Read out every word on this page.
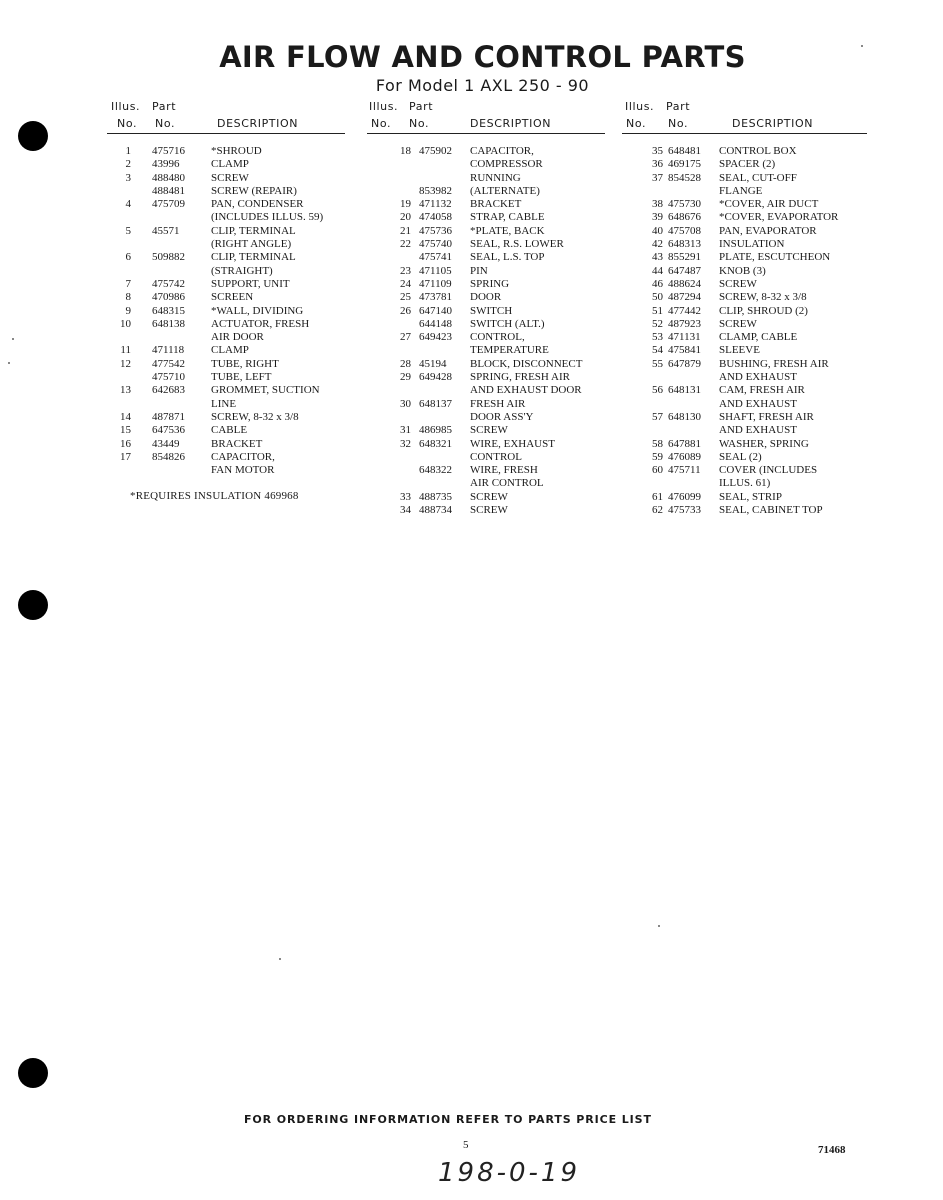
AIR FLOW AND CONTROL PARTS
For Model 1 AXL 250 - 90
Illus. Part
No. No.	DESCRIPTION
1 475716 *SHROUD
2 43996	CLAMP
3 488480 SCREW
488481 SCREW (REPAIR)
4 475709 PAN, CONDENSER
(INCLUDES ILLUS. 59)
5 45571	CLIP, TERMINAL
(RIGHT ANGLE)
6 509882 CLIP, TERMINAL
(STRAIGHT)
7 475742 SUPPORT, UNIT
8 470986 SCREEN
9 648315 *WALL, DIVIDING
10 648138 ACTUATOR, FRESH
AIR DOOR
11 471118 CLAMP
12 477542 TUBE, RIGHT
475710 TUBE, LEFT
13 642683 GROMMET, SUCTION
LINE
14 487871 SCREW, 8-32 x 3/8
15 647536 CABLE
16 43449	BRACKET
17 854826 CAPACITOR,
FAN MOTOR
Illus. Part
No. No.	DESCRIPTION
18 475902 CAPACITOR,
COMPRESSOR
RUNNING
853982 (ALTERNATE)
19 471132 BRACKET
20 474058 STRAP, CABLE
21 475736 *PLATE, BACK
22 475740 SEAL, R.S. LOWER
475741 SEAL, L.S. TOP
23 471105 PIN
24 471109 SPRING
25 473781 DOOR
26 647140 SWITCH
644148 SWITCH (ALT.)
27 649423 CONTROL,
TEMPERATURE
28 45194 BLOCK, DISCONNECT
29 649428 SPRING, FRESH AIR
AND EXHAUST DOOR
30 648137 FRESH AIR
DOOR ASS'Y
31 486985 SCREW
32 648321 WIRE, EXHAUST
CONTROL
648322 WIRE, FRESH
AIR CONTROL
33 488735 SCREW
34 488734 SCREW
Illus. Part
No. No.	DESCRIPTION
35 648481 CONTROL BOX
36 469175 SPACER (2)
37 854528 SEAL, CUT-OFF
FLANGE
38 475730 *COVER, AIR DUCT
39 648676 *COVER, EVAPORATOR
40 475708 PAN, EVAPORATOR
42 648313 INSULATION
43 855291 PLATE, ESCUTCHEON
44 647487 KNOB (3)
46 488624 SCREW
50 487294 SCREW, 8-32 x 3/8
51 477442 CLIP, SHROUD (2)
52 487923 SCREW
53 471131 CLAMP, CABLE
54 475841 SLEEVE
55 647879 BUSHING, FRESH AIR
AND EXHAUST
56 648131 CAM, FRESH AIR
AND EXHAUST
57 648130 SHAFT, FRESH AIR
AND EXHAUST
58 647881 WASHER, SPRING
59 476089 SEAL (2)
60 475711 COVER (INCLUDES
ILLUS. 61)
61 476099 SEAL, STRIP
62 475733 SEAL, CABINET TOP
*REQUIRES INSULATION 469968
FOR ORDERING INFORMATION REFER TO PARTS PRICE LIST
5	71468
198-0-19
